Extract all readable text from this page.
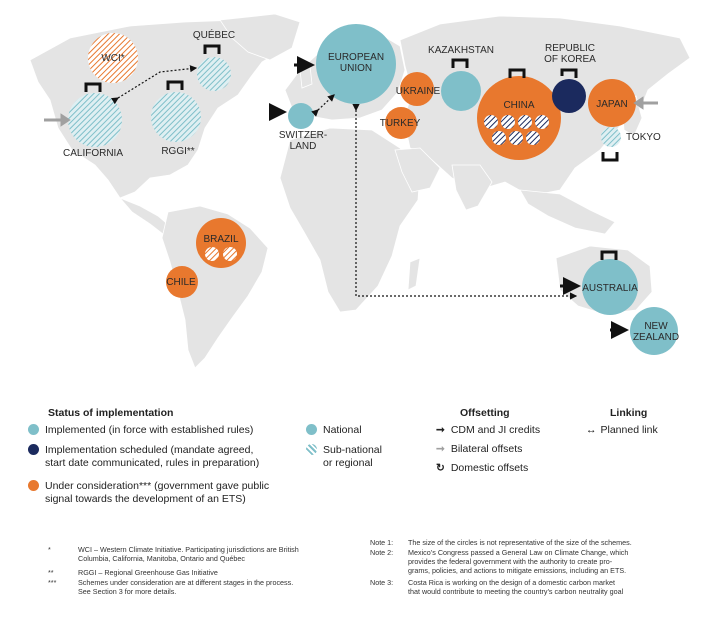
WCI*
QUÉBEC
CALIFORNIA	RGGI**
EUROPEAN
UNION
SWITZER-
LAND
UKRAINE
TURKEY
KAZAKHSTAN
CHINA
REPUBLIC
OF KOREA
JAPAN
TOKYO
BRAZIL
CHILE
AUSTRALIA
NEW
ZEALAND
Status of implementation
Implemented (in force with established rules)
Implementation scheduled (mandate agreed,
start date communicated, rules in preparation)
Under consideration*** (government gave public
signal towards the development of an ETS)
National
Sub-national
or regional
Offsetting
➞ CDM and JI credits
➞ Bilateral offsets
↻ Domestic offsets
Linking
↔ Planned link
*	WCI – Western Climate Initiative. Participating jurisdictions are British
Columbia, California, Manitoba, Ontario and Québec
**	RGGI – Regional Greenhouse Gas Initiative
***	Schemes under consideration are at different stages in the process.
See Section 3 for more details.
Note 1: The size of the circles is not representative of the size of the schemes.
Note 2: Mexico’s Congress passed a General Law on Climate Change, which
provides the federal government with the authority to create pro-
grams, policies, and actions to mitigate emissions, including an ETS.
Note 3: Costa Rica is working on the design of a domestic carbon market
that would contribute to meeting the country’s carbon neutrality goal
